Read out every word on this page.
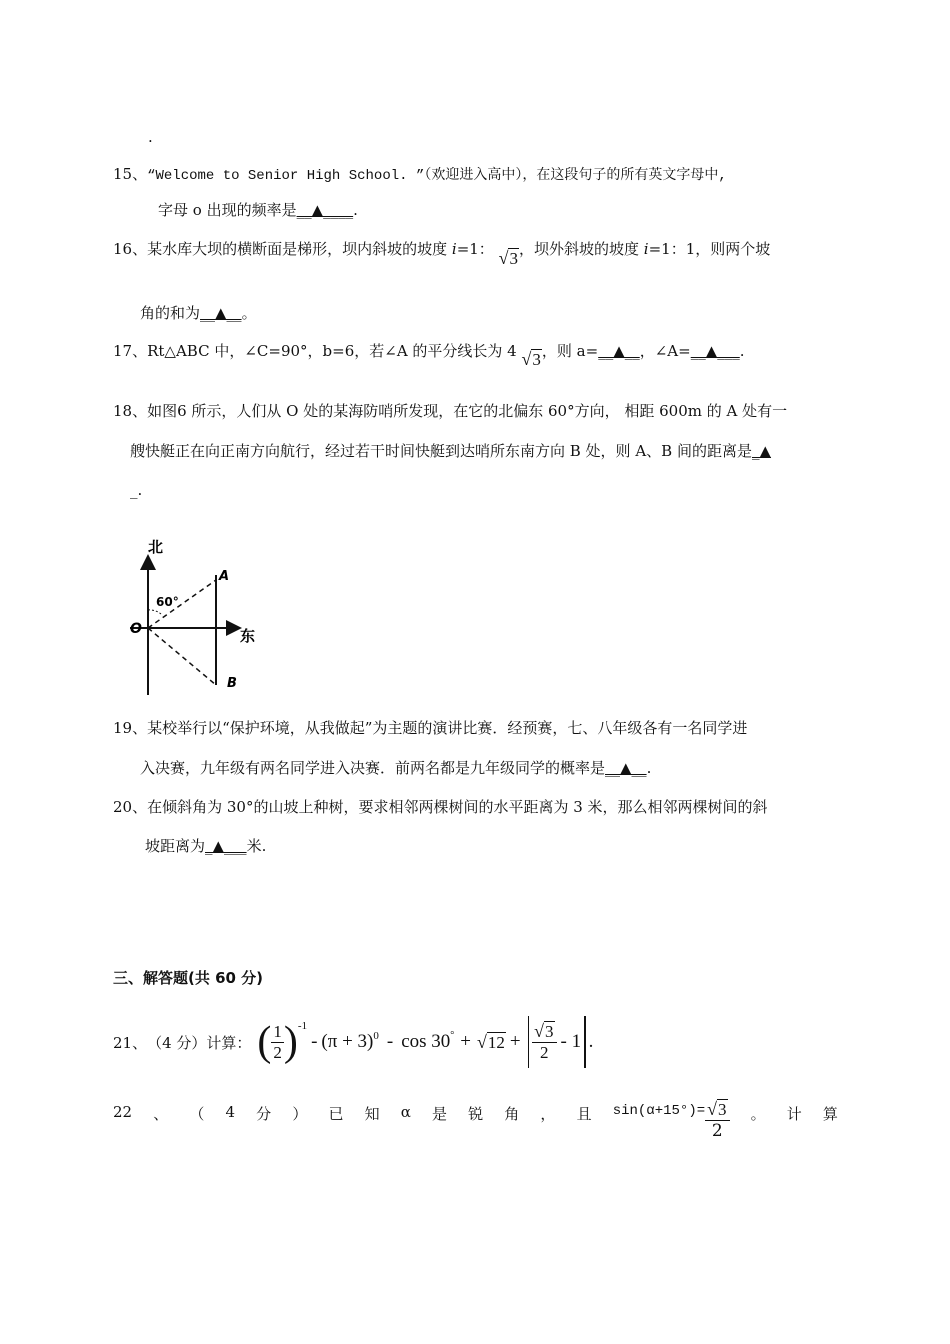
.
15、“Welcome to Senior High School. ”（欢迎进入高中），在这段句子的所有英文字母中,
字母 o 出现的频率是__▲____.
16、某水库大坝的横断面是梯形，坝内斜坡的坡度 i=1： √3，坝外斜坡的坡度 i=1：1，则两个坡
角的和为__▲__。
17、Rt△ABC 中，∠C=90°，b=6，若∠A 的平分线长为 4 √3，则 a=__▲__，∠A=__▲___.
18、如图6 所示，人们从 O 处的某海防哨所发现，在它的北偏东 60°方向， 相距 600m 的 A 处有一
艘快艇正在向正南方向航行，经过若干时间快艇到达哨所东南方向 B 处，则 A、B 间的距离是_▲
_.
北
东
O
A
B
60°
19、某校举行以“保护环境，从我做起”为主题的演讲比赛．经预赛，七、八年级各有一名同学进
入决赛，九年级有两名同学进入决赛．前两名都是九年级同学的概率是__▲__.
20、在倾斜角为 30°的山坡上种树，要求相邻两棵树间的水平距离为 3 米，那么相邻两棵树间的斜
坡距离为_▲___米.
三、解答题(共 60 分)
21、 （4 分）计算： ( $\frac{1}{2} )^{-1}$
- $(\pi + 3)^0 - \cos 30^\circ + √12 + \frac{√3}{2} - 1$ .
22 、 （ 4 分 ） 已 知 α 是 锐 角 ， 且 $\sin(\alpha+15^\circ)= \frac{√3}{2}$ 。 计 算
